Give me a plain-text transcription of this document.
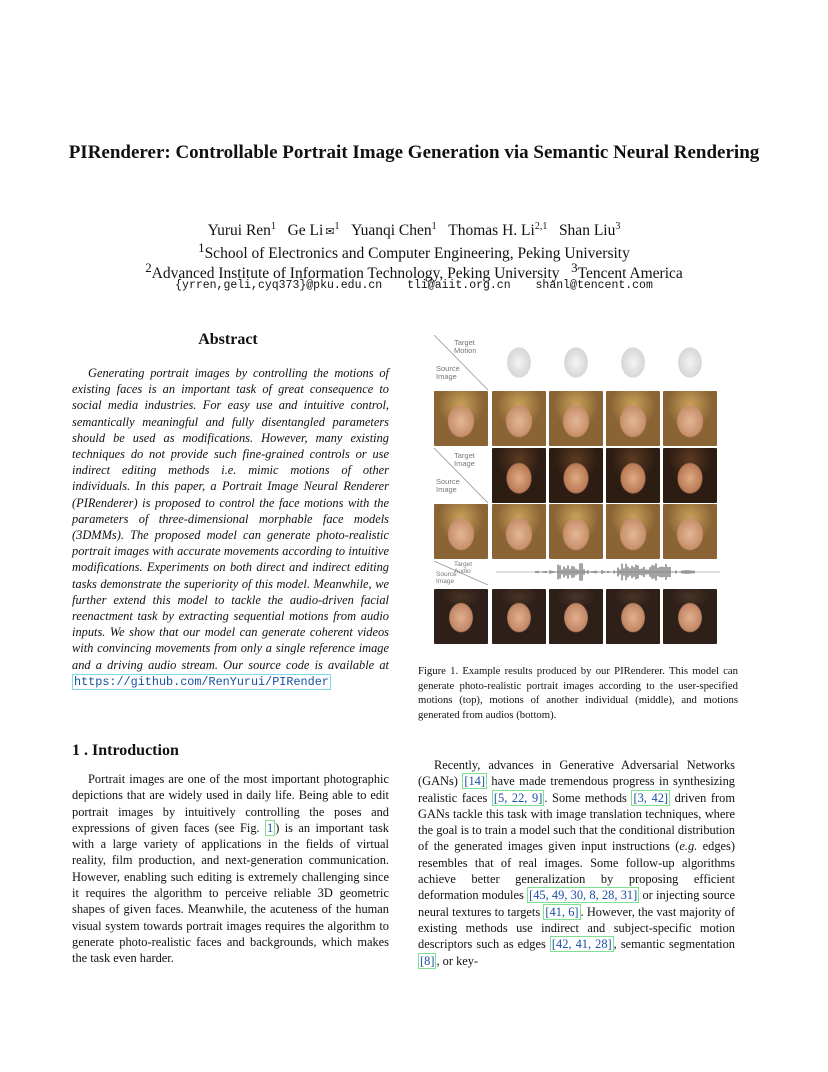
PIRenderer: Controllable Portrait Image Generation via Semantic Neural Rendering
Yurui Ren$^1$ Ge Li ✉$^1$ Yuanqi Chen$^1$ Thomas H. Li$^{2,1}$ Shan Liu$^3$
$^1$School of Electronics and Computer Engineering, Peking University
$^2$Advanced Institute of Information Technology, Peking University $^3$Tencent America
{yrren,geli,cyq373}@pku.edu.cn tli@aiit.org.cn shanl@tencent.com
Abstract
Generating portrait images by controlling the motions of existing faces is an important task of great consequence to social media industries. For easy use and intuitive control, semantically meaningful and fully disentangled parameters should be used as modifications. However, many existing techniques do not provide such fine-grained controls or use indirect editing methods i.e. mimic motions of other individuals. In this paper, a Portrait Image Neural Renderer (PIRenderer) is proposed to control the face motions with the parameters of three-dimensional morphable face models (3DMMs). The proposed model can generate photo-realistic portrait images with accurate movements according to intuitive modifications. Experiments on both direct and indirect editing tasks demonstrate the superiority of this model. Meanwhile, we further extend this model to tackle the audio-driven facial reenactment task by extracting sequential motions from audio inputs. We show that our model can generate coherent videos with convincing movements from only a single reference image and a driving audio stream. Our source code is available at https://github.com/RenYurui/PIRender
Target
Motion
Source
Image
Target
Image
Source
Image
Target
Audio
Source
Image
Figure 1. Example results produced by our PIRenderer. This model can generate photo-realistic portrait images according to the user-specified motions (top), motions of another individual (middle), and motions generated from audios (bottom).
1 . Introduction
Portrait images are one of the most important photographic depictions that are widely used in daily life. Being able to edit portrait images by intuitively controlling the poses and expressions of given faces (see Fig. 1 ) is an important task with a large variety of applications in the fields of virtual reality, film production, and next-generation communication. However, enabling such editing is extremely challenging since it requires the algorithm to perceive reliable 3D geometric shapes of given faces. Meanwhile, the acuteness of the human visual system towards portrait images requires the algorithm to generate photo-realistic faces and backgrounds, which makes the task even harder.
Recently, advances in Generative Adversarial Networks (GANs) [14] have made tremendous progress in synthesizing realistic faces [5, 22, 9] . Some methods [3, 42] driven from GANs tackle this task with image translation techniques, where the goal is to train a model such that the conditional distribution of the generated images given input instructions (e.g. edges) resembles that of real images. Some follow-up algorithms achieve better generalization by proposing efficient deformation modules [45, 49, 30, 8, 28, 31] or injecting source neural textures to targets [41, 6] . However, the vast majority of existing methods use indirect and subject-specific motion descriptors such as edges [42, 41, 28] , semantic segmentation [8] , or key-
